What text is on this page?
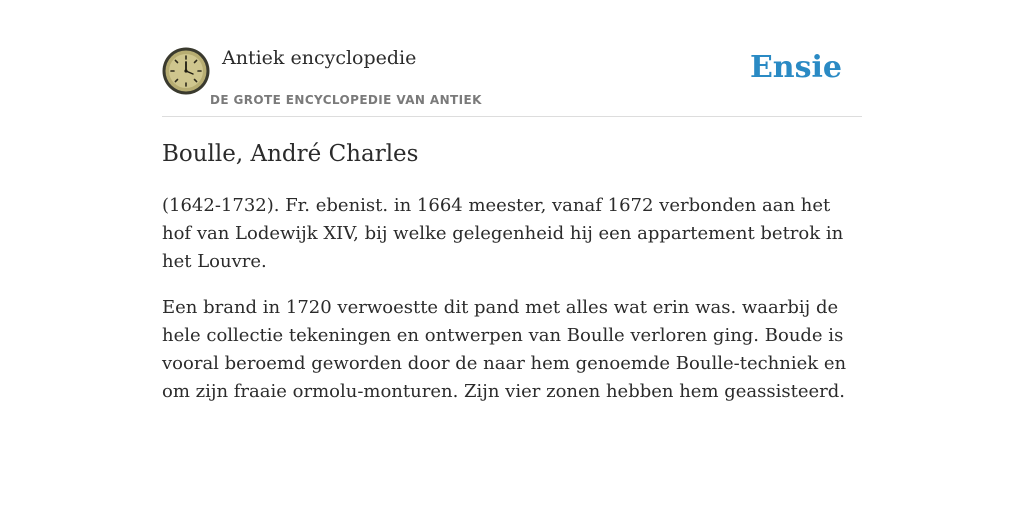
Antiek encyclopedie
DE GROTE ENCYCLOPEDIE VAN ANTIEK
Ensie
Boulle, André Charles

(1642-1732). Fr. ebenist. in 1664 meester, vanaf 1672 verbonden aan het hof van Lodewijk XIV, bij welke gelegenheid hij een appartement betrok in het Louvre.

Een brand in 1720 verwoestte dit pand met alles wat erin was. waarbij de hele collectie tekeningen en ontwerpen van Boulle verloren ging. Boude is vooral beroemd geworden door de naar hem genoemde Boulle-techniek en om zijn fraaie ormolu-monturen. Zijn vier zonen hebben hem geassisteerd.
